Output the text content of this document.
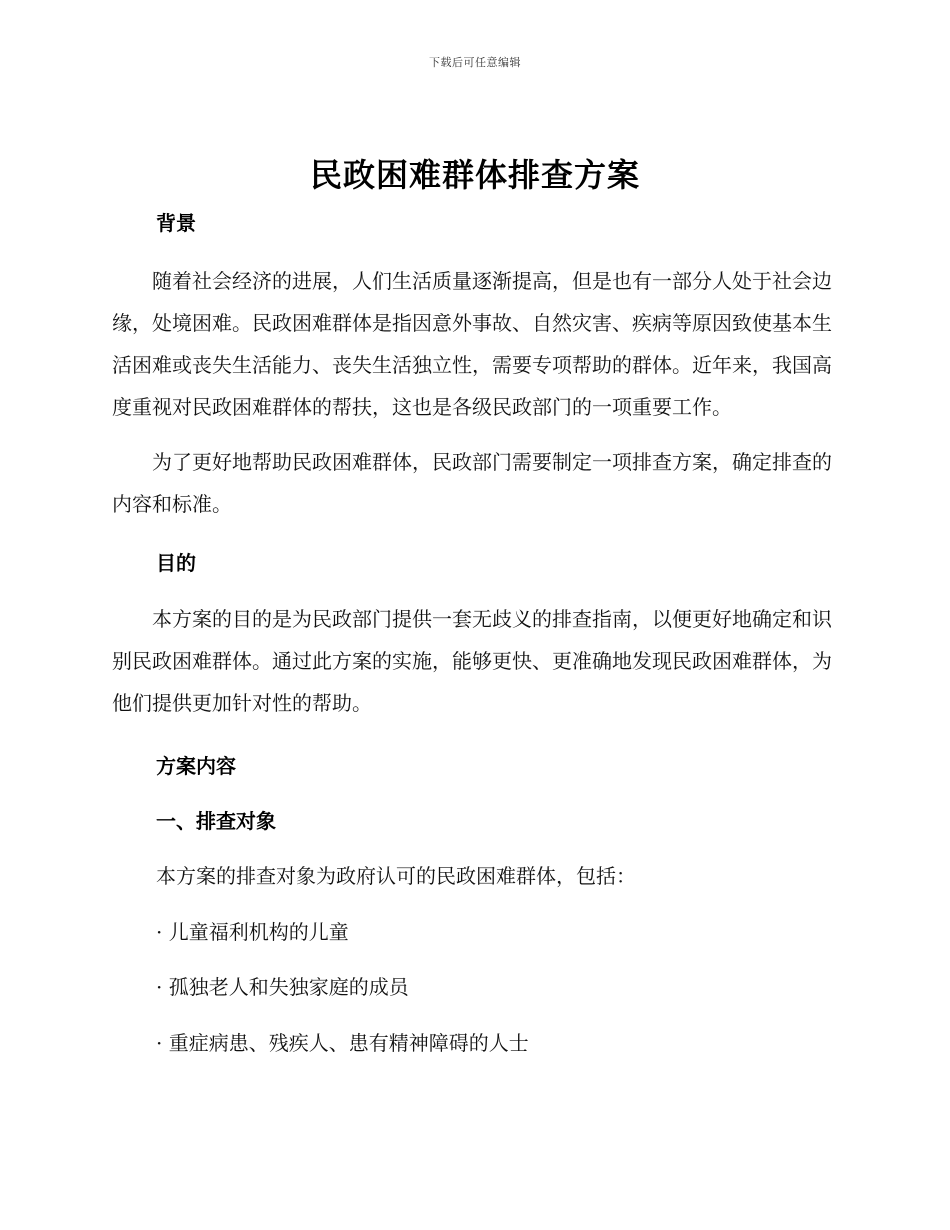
下载后可任意编辑
民政困难群体排查方案
背景

随着社会经济的进展，人们生活质量逐渐提高，但是也有一部分人处于社会边缘，处境困难。民政困难群体是指因意外事故、自然灾害、疾病等原因致使基本生活困难或丧失生活能力、丧失生活独立性，需要专项帮助的群体。近年来，我国高度重视对民政困难群体的帮扶，这也是各级民政部门的一项重要工作。

为了更好地帮助民政困难群体，民政部门需要制定一项排查方案，确定排查的内容和标准。

目的

本方案的目的是为民政部门提供一套无歧义的排查指南，以便更好地确定和识别民政困难群体。通过此方案的实施，能够更快、更准确地发现民政困难群体，为他们提供更加针对性的帮助。

方案内容
一、排查对象

本方案的排查对象为政府认可的民政困难群体，包括：

· 儿童福利机构的儿童

· 孤独老人和失独家庭的成员

· 重症病患、残疾人、患有精神障碍的人士
